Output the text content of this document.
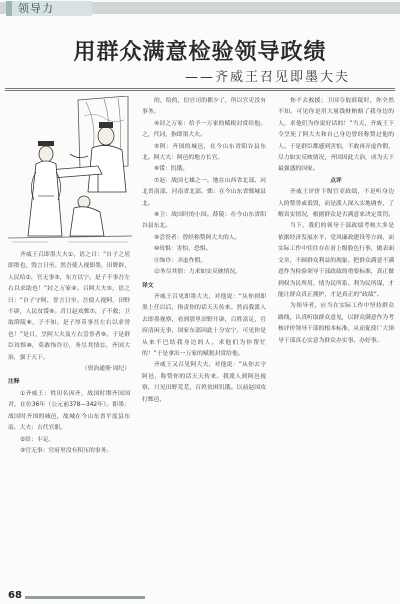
领导力
用群众满意检验领导政绩
——齐威王召见即墨大夫

齐威王召即墨大夫①，语之曰：“自子之居即墨也，毁言日至。然吾使人视即墨，田野辟，人民给②，官无事③，东方以宁。是子不事吾左右以求助也！”封之万家④。召阿大夫⑤，语之曰：“自子守阿，誉言日至。吾使人视阿，田野不辟，人民贫馁⑥。昔日赵攻鄄⑦，子不救；卫取薛陵⑧，子不知。是子厚币事吾左右以求誉也！”是日，烹阿大夫及左右尝誉者⑨。于是群臣耸惧⑩，莫敢饰诈⑪，务尽其情⑫，齐国大治，强于天下。

（资治通鉴·周纪）

注释

①齐威王：姓田名因齐，战国时期齐国国君，在位36年（公元前378—342年）。即墨：战国时齐国的城邑，故城在今山东省平度县东南。大夫：古代官职。

②给：丰足。

③官无事：官府里没有积压的事务。

的，给的，衍官司的都少了，所以官吏没有事务。

④封之万家：给予一万家的赋税封赏给他。之，代词，指即墨大夫。

⑤阿：齐国的城邑，在今山东省阳谷县东北。阿大夫：阿邑的地方长官。

⑥馁：饥饿。

⑦赵：战国七雄之一。地在山西省北部、河北省南部、河南省北部。鄄：在今山东省鄄城县北。

⑧卫：战国时的小国。薛陵：在今山东省阳谷县东北。

⑨尝誉者：曾经称赞阿大夫的人。

⑩耸惧：害怕，恐惧。

⑪饰诈：弄虚作假。

⑫务尽其情：力求如实反映情况。

译文

齐威王召见即墨大夫，对他说：“从你到即墨上任以后，指责你的话天天传来。然而我派人去即墨视察，看到那里田野开辟，百姓富足，官府清闲无事，国家东部因此十分安宁。可见你是从来不巴结我身边的人，求他们为你帮忙的！”于是拿出一万家的赋税封赏给他。

齐威王又召见阿大夫，对他说：“从你去守阿邑，称赞你的话天天传来。我派人到阿邑视察，只见田野荒芜，百姓贫困饥饿。以前赵国攻打鄄邑，

你不去救援；卫国夺取薛陵时，你全然不知。可见你是用大量钱财贿赂了我身边的人，求他们为你说好话的！”当天，齐威王下令烹死了阿大夫和自己身边曾经称赞过他的人。于是群臣都感到害怕，不敢再弄虚作假，尽力如实反映情况，齐国因此大治，成为天下最强盛的国家。

点评

齐威王评价下级官吏政绩，不是听身边人的赞誉或诋毁，而是派人深入实地调查，了解真实情况，根据群众是否满意来决定赏罚。

当下，我们的领导干部政绩考核大多是依据经济发展水平、党风廉政建设等方面，而实际工作中往往存在看上级脸色行事，做表面文章，不顾群众利益的现象。把群众满意不满意作为检验领导干部政绩的重要标准，真正做到权为民所用、情为民所系、利为民所谋，才能让群众真正拥护，才是真正的“政绩”。

为领导者，应当在实际工作中坚持群众路线，认真听取群众意见，以群众满意作为考核评价领导干部的根本标准，从而促使广大领导干部真心实意为群众办实事、办好事。

68
